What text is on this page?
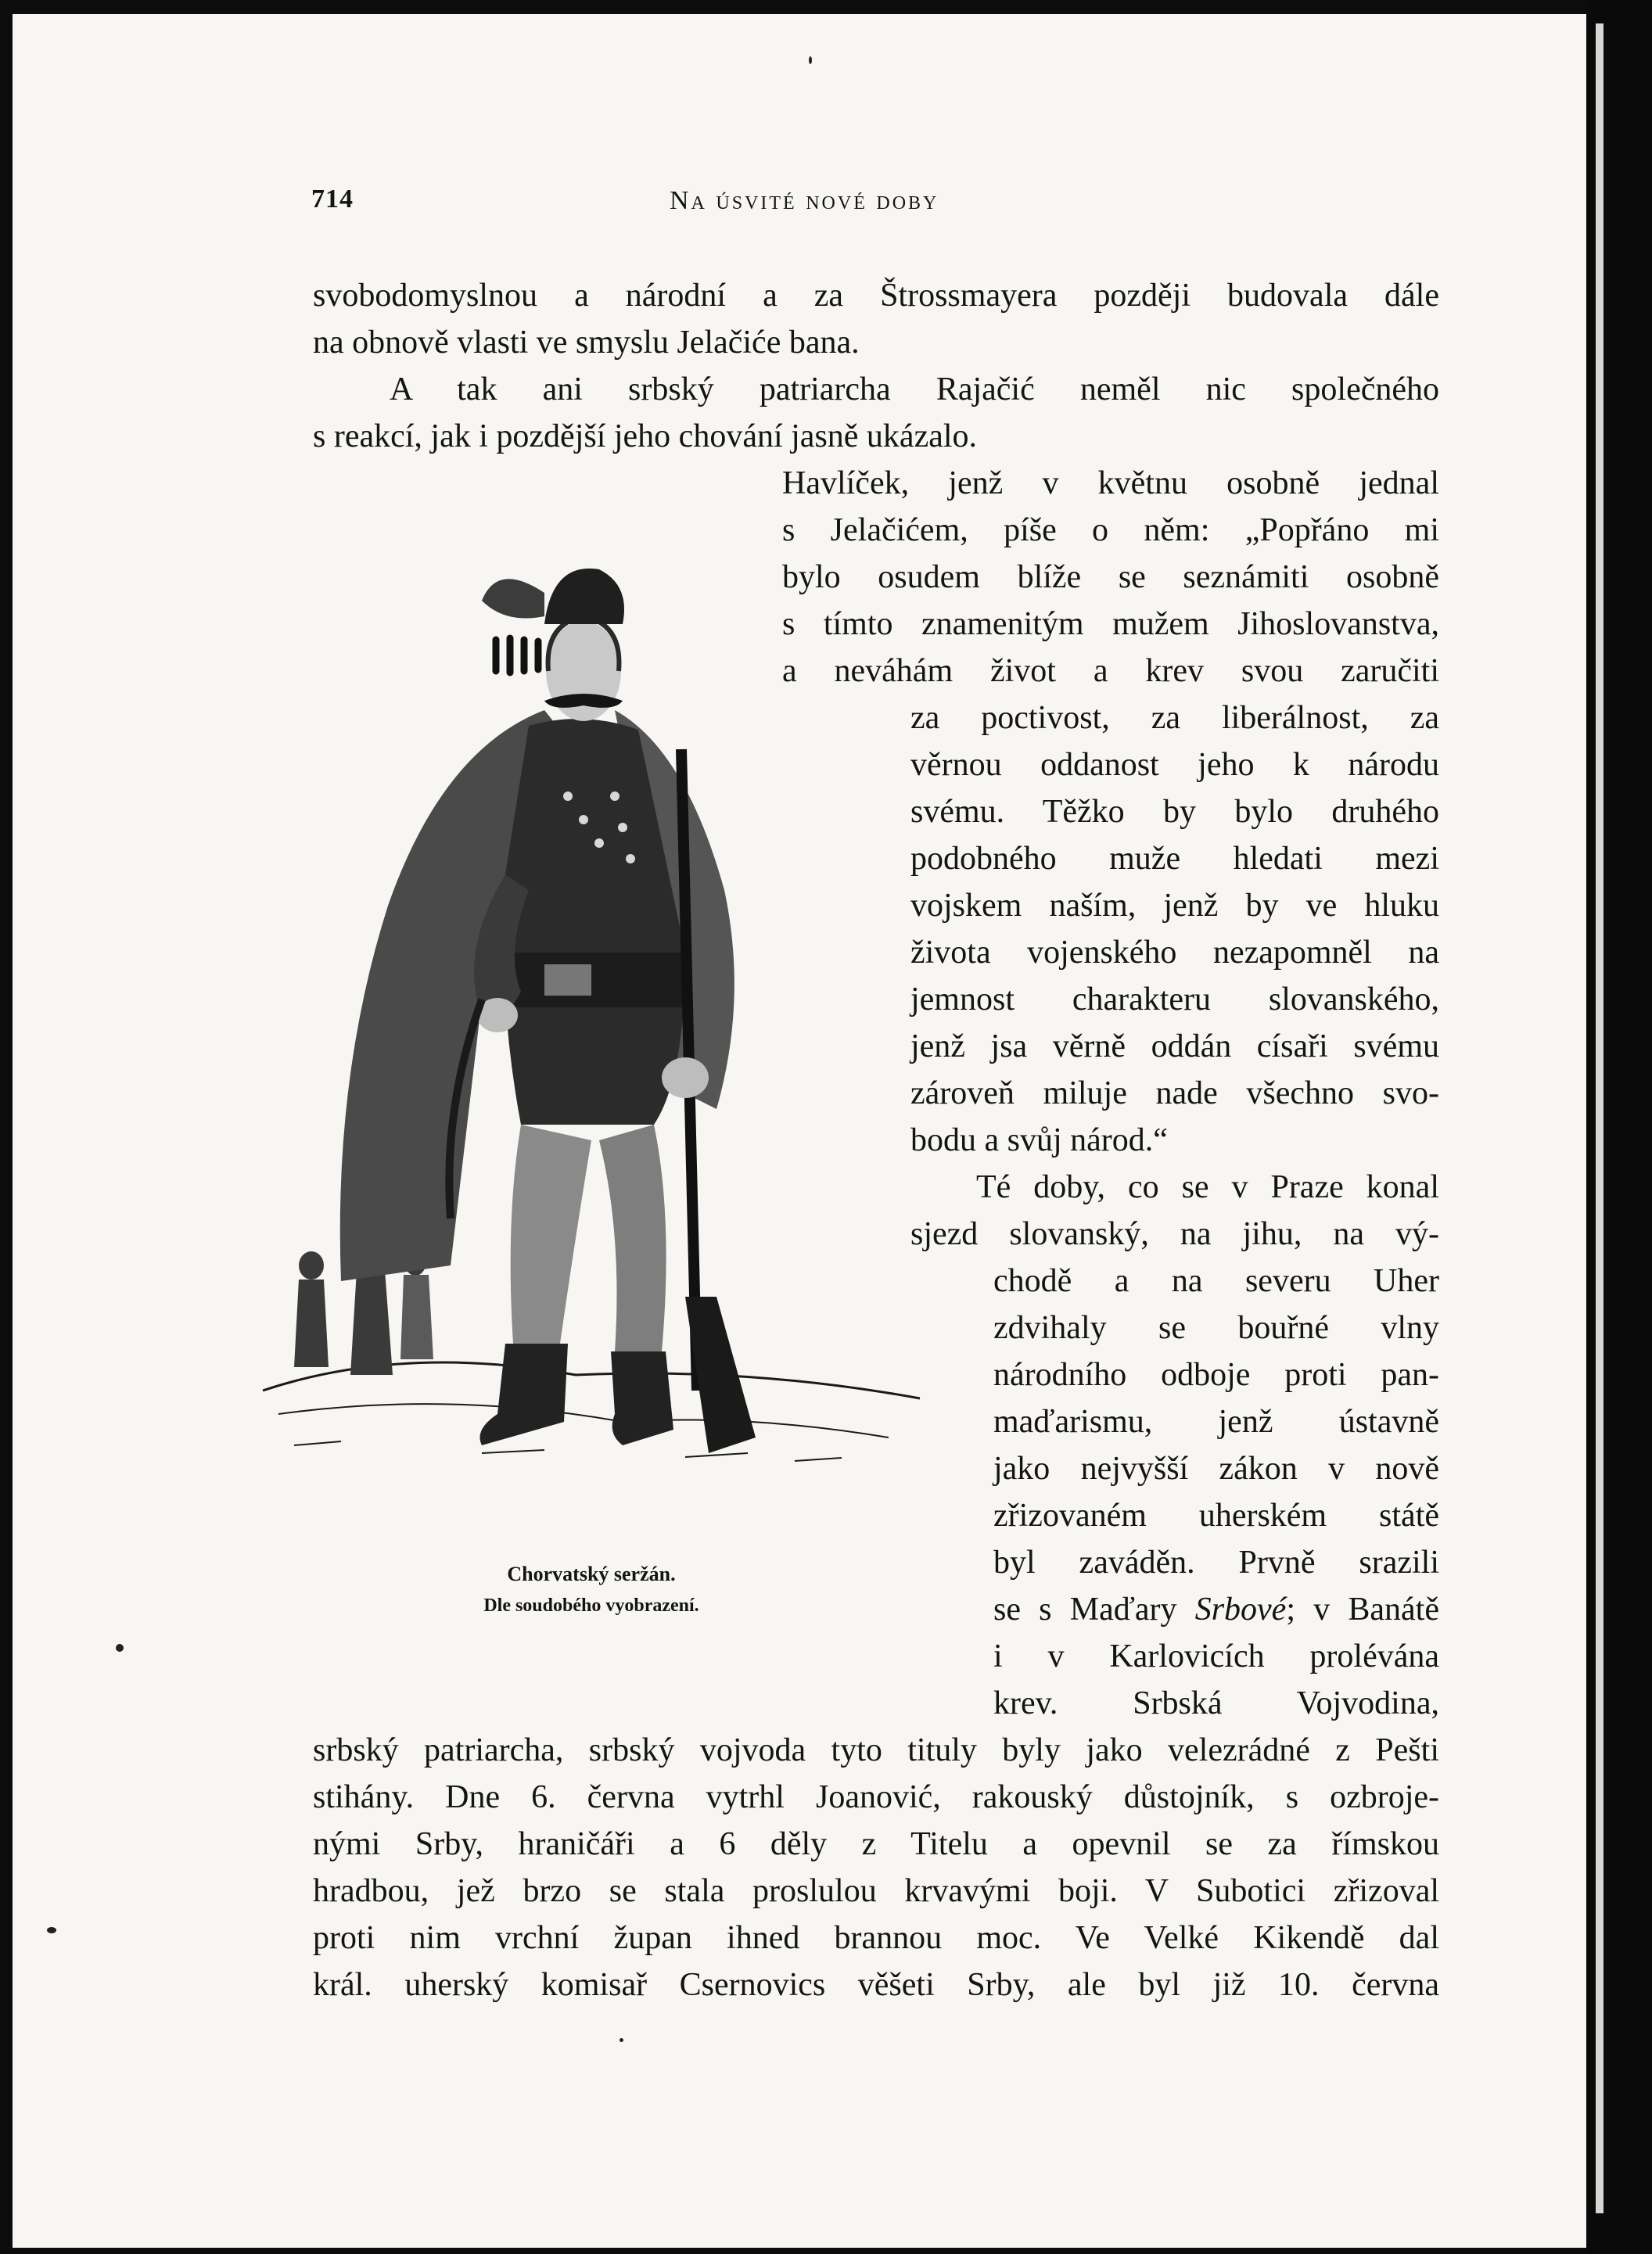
714	Na úsvité nové doby
svobodomyslnou a národní a za Štrossmayera později budovala dále
na obnově vlasti ve smyslu Jelačiće bana.
A tak ani srbský patriarcha Rajačić neměl nic společného
s reakcí, jak i pozdější jeho chování jasně ukázalo.
Havlíček, jenž v květnu osobně jednal
s Jelačićem, píše o něm: „Popřáno mi
bylo osudem blíže se seznámiti osobně
s tímto znamenitým mužem Jihoslovanstva,
a neváhám život a krev svou zaručiti
za poctivost, za liberálnost, za
věrnou oddanost jeho k národu
svému. Těžko by bylo druhého
podobného muže hledati mezi
vojskem naším, jenž by ve hluku
života vojenského nezapomněl na
jemnost charakteru slovanského,
jenž jsa věrně oddán císaři svému
zároveň miluje nade všechno svo-
bodu a svůj národ.“
Té doby, co se v Praze konal
sjezd slovanský, na jihu, na vý-
chodě a na severu Uher
zdvihaly se bouřné vlny
národního odboje proti pan-
maďarismu, jenž ústavně
jako nejvyšší zákon v nově
zřizovaném uherském státě
byl zaváděn. Prvně srazili
se s Maďary Srbové; v Banátě
i v Karlovicích prolévána
krev. Srbská Vojvodina,
srbský patriarcha, srbský vojvoda tyto tituly byly jako velezrádné z Pešti
stihány. Dne 6. června vytrhl Joanović, rakouský důstojník, s ozbroje-
nými Srby, hraničáři a 6 děly z Titelu a opevnil se za římskou
hradbou, jež brzo se stala proslulou krvavými boji. V Subotici zřizoval
proti nim vrchní župan ihned brannou moc. Ve Velké Kikendě dal
král. uherský komisař Csernovics věšeti Srby, ale byl již 10. června
Chorvatský seržán.
Dle soudobého vyobrazení.
